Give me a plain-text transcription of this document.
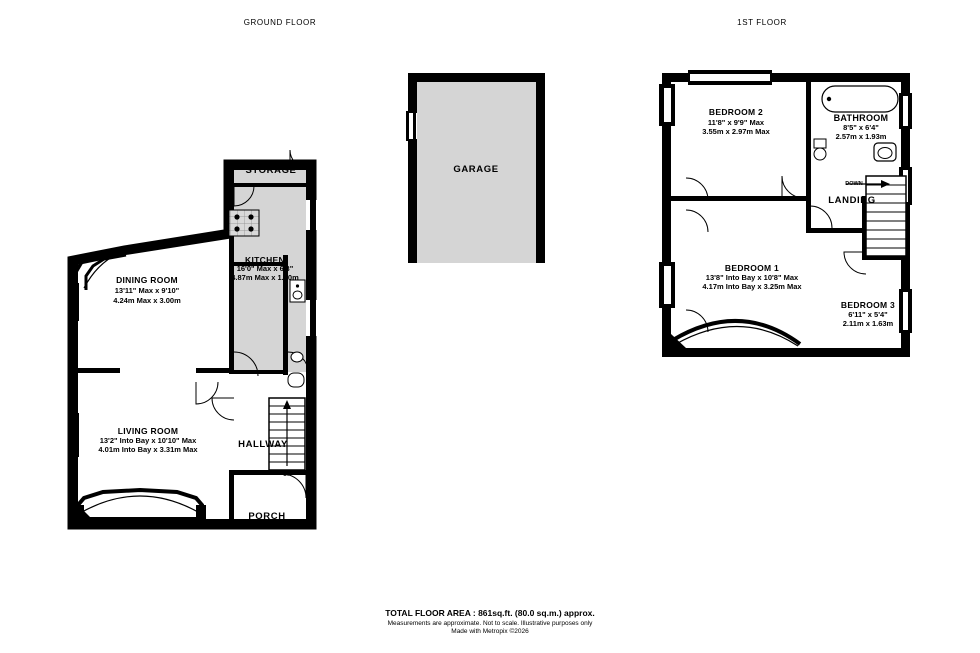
GROUND FLOOR	1ST FLOOR
STORAGE
KITCHEN
16'0" Max x 6'3"
4.87m Max x 1.90m
DINING ROOM
13'11" Max x 9'10"
4.24m Max x 3.00m
LIVING ROOM
13'2" Into Bay x 10'10" Max
4.01m Into Bay x 3.31m Max	HALLWAY
PORCH
UP
GARAGE
BEDROOM 2
11'8" x 9'9" Max
3.55m x 2.97m Max
BATHROOM
8'5" x 6'4"
2.57m x 1.93m
LANDING
DOWN
BEDROOM 1
13'8" Into Bay x 10'8" Max
4.17m Into Bay x 3.25m Max
BEDROOM 3
6'11" x 5'4"
2.11m x 1.63m
TOTAL FLOOR AREA : 861sq.ft. (80.0 sq.m.) approx.
Measurements are approximate. Not to scale. Illustrative purposes only
Made with Metropix ©2026
